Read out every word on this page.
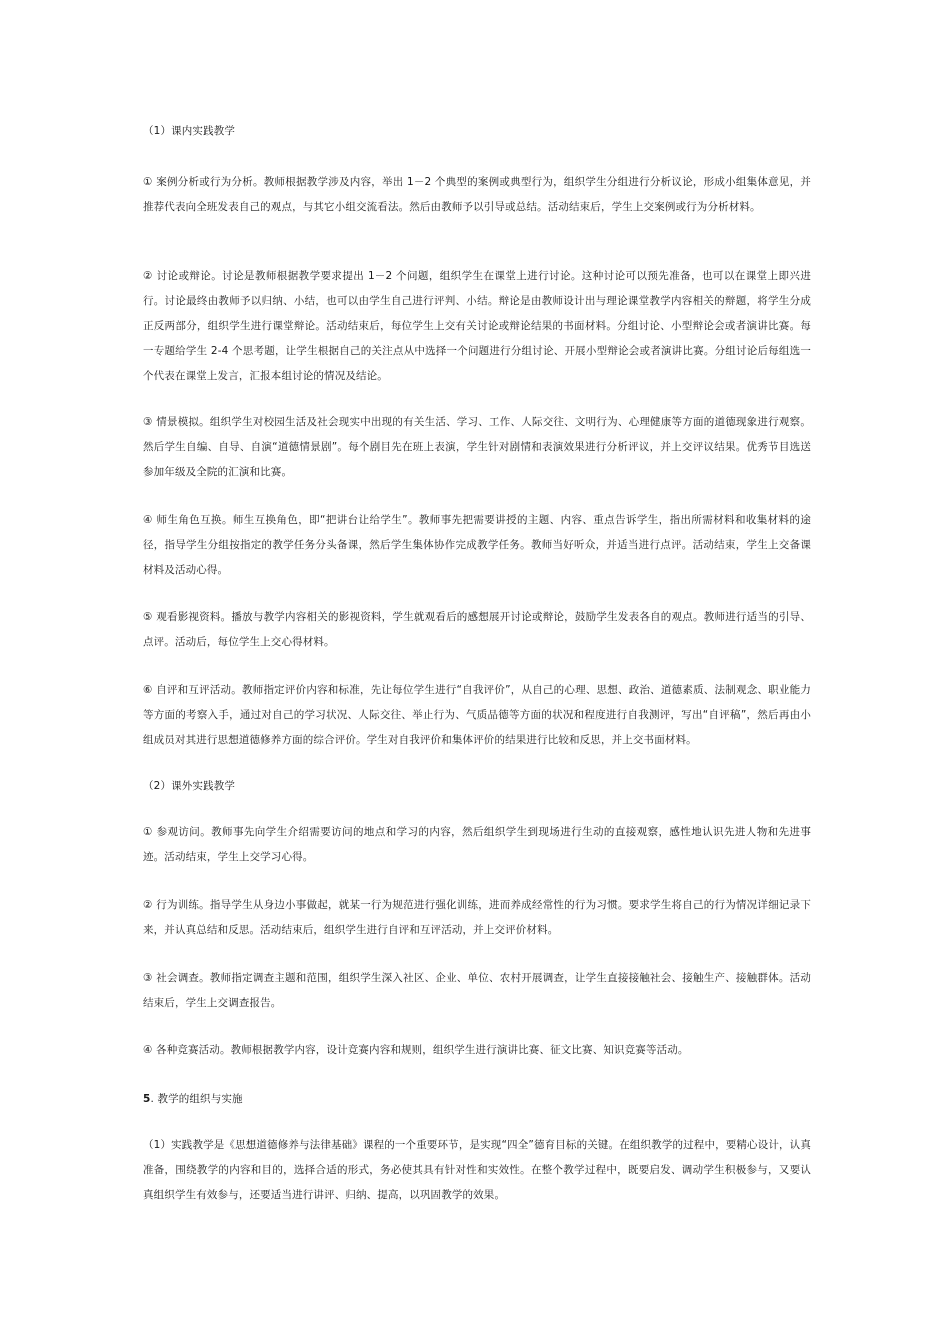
（1）课内实践教学

① 案例分析或行为分析。教师根据教学涉及内容，举出 1－2 个典型的案例或典型行为，组织学生分组进行分析议论，形成小组集体意见，并推荐代表向全班发表自己的观点，与其它小组交流看法。然后由教师予以引导或总结。活动结束后，学生上交案例或行为分析材料。

② 讨论或辩论。讨论是教师根据教学要求提出 1－2 个问题，组织学生在课堂上进行讨论。这种讨论可以预先准备，也可以在课堂上即兴进行。讨论最终由教师予以归纳、小结，也可以由学生自己进行评判、小结。辩论是由教师设计出与理论课堂教学内容相关的辩题，将学生分成正反两部分，组织学生进行课堂辩论。活动结束后，每位学生上交有关讨论或辩论结果的书面材料。分组讨论、小型辩论会或者演讲比赛。每一专题给学生 2-4 个思考题，让学生根据自己的关注点从中选择一个问题进行分组讨论、开展小型辩论会或者演讲比赛。分组讨论后每组选一个代表在课堂上发言，汇报本组讨论的情况及结论。

③ 情景模拟。组织学生对校园生活及社会现实中出现的有关生活、学习、工作、人际交往、文明行为、心理健康等方面的道德现象进行观察。然后学生自编、自导、自演“道德情景剧”。每个剧目先在班上表演，学生针对剧情和表演效果进行分析评议，并上交评议结果。优秀节目选送参加年级及全院的汇演和比赛。

④ 师生角色互换。师生互换角色，即“把讲台让给学生”。教师事先把需要讲授的主题、内容、重点告诉学生，指出所需材料和收集材料的途径，指导学生分组按指定的教学任务分头备课，然后学生集体协作完成教学任务。教师当好听众，并适当进行点评。活动结束，学生上交备课材料及活动心得。

⑤ 观看影视资料。播放与教学内容相关的影视资料，学生就观看后的感想展开讨论或辩论，鼓励学生发表各自的观点。教师进行适当的引导、点评。活动后，每位学生上交心得材料。

⑥ 自评和互评活动。教师指定评价内容和标准，先让每位学生进行“自我评价”，从自己的心理、思想、政治、道德素质、法制观念、职业能力等方面的考察入手，通过对自己的学习状况、人际交往、举止行为、气质品德等方面的状况和程度进行自我测评，写出“自评稿”，然后再由小组成员对其进行思想道德修养方面的综合评价。学生对自我评价和集体评价的结果进行比较和反思，并上交书面材料。

（2）课外实践教学

① 参观访问。教师事先向学生介绍需要访问的地点和学习的内容，然后组织学生到现场进行生动的直接观察，感性地认识先进人物和先进事迹。活动结束，学生上交学习心得。

② 行为训练。指导学生从身边小事做起，就某一行为规范进行强化训练，进而养成经常性的行为习惯。要求学生将自己的行为情况详细记录下来，并认真总结和反思。活动结束后，组织学生进行自评和互评活动，并上交评价材料。

③ 社会调查。教师指定调查主题和范围，组织学生深入社区、企业、单位、农村开展调查，让学生直接接触社会、接触生产、接触群体。活动结束后，学生上交调查报告。

④ 各种竞赛活动。教师根据教学内容，设计竞赛内容和规则，组织学生进行演讲比赛、征文比赛、知识竞赛等活动。

5. 教学的组织与实施

（1）实践教学是《思想道德修养与法律基础》课程的一个重要环节，是实现“四全”德育目标的关键。在组织教学的过程中，要精心设计，认真准备，围绕教学的内容和目的，选择合适的形式，务必使其具有针对性和实效性。在整个教学过程中，既要启发、调动学生积极参与，又要认真组织学生有效参与，还要适当进行讲评、归纳、提高，以巩固教学的效果。
